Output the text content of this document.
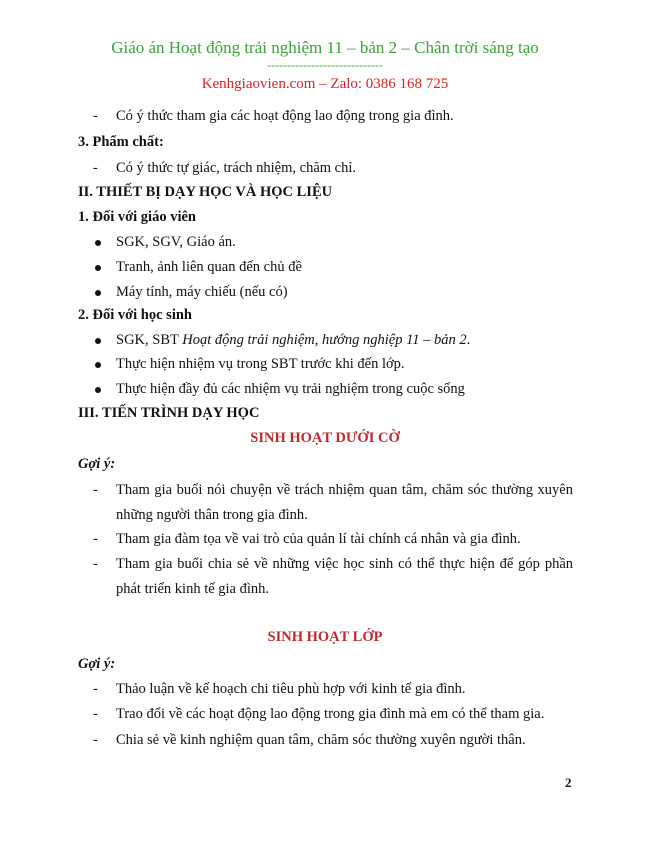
Giáo án Hoạt động trải nghiệm 11 – bản 2 – Chân trời sáng tạo
-----------------------------
Kenhgiaovien.com – Zalo: 0386 168 725
- Có ý thức tham gia các hoạt động lao động trong gia đình.
3. Phẩm chất:
- Có ý thức tự giác, trách nhiệm, chăm chỉ.
II. THIẾT BỊ DẠY HỌC VÀ HỌC LIỆU
1. Đối với giáo viên
SGK, SGV, Giáo án.
Tranh, ảnh liên quan đến chủ đề
Máy tính, máy chiếu (nếu có)
2. Đối với học sinh
SGK, SBT Hoạt động trải nghiệm, hướng nghiệp 11 – bản 2.
Thực hiện nhiệm vụ trong SBT trước khi đến lớp.
Thực hiện đầy đủ các nhiệm vụ trải nghiệm trong cuộc sống
III. TIẾN TRÌNH DẠY HỌC
SINH HOẠT DƯỚI CỜ
Gợi ý:
- Tham gia buổi nói chuyện về trách nhiệm quan tâm, chăm sóc thường xuyên
những người thân trong gia đình.
- Tham gia đàm tọa về vai trò của quản lí tài chính cá nhân và gia đình.
- Tham gia buổi chia sẻ về những việc học sinh có thể thực hiện để góp phần
phát triển kinh tế gia đình.
SINH HOẠT LỚP
Gợi ý:
- Thảo luận về kế hoạch chi tiêu phù hợp với kinh tế gia đình.
- Trao đổi về các hoạt động lao động trong gia đình mà em có thể tham gia.
- Chia sẻ về kinh nghiệm quan tâm, chăm sóc thường xuyên người thân.
2
